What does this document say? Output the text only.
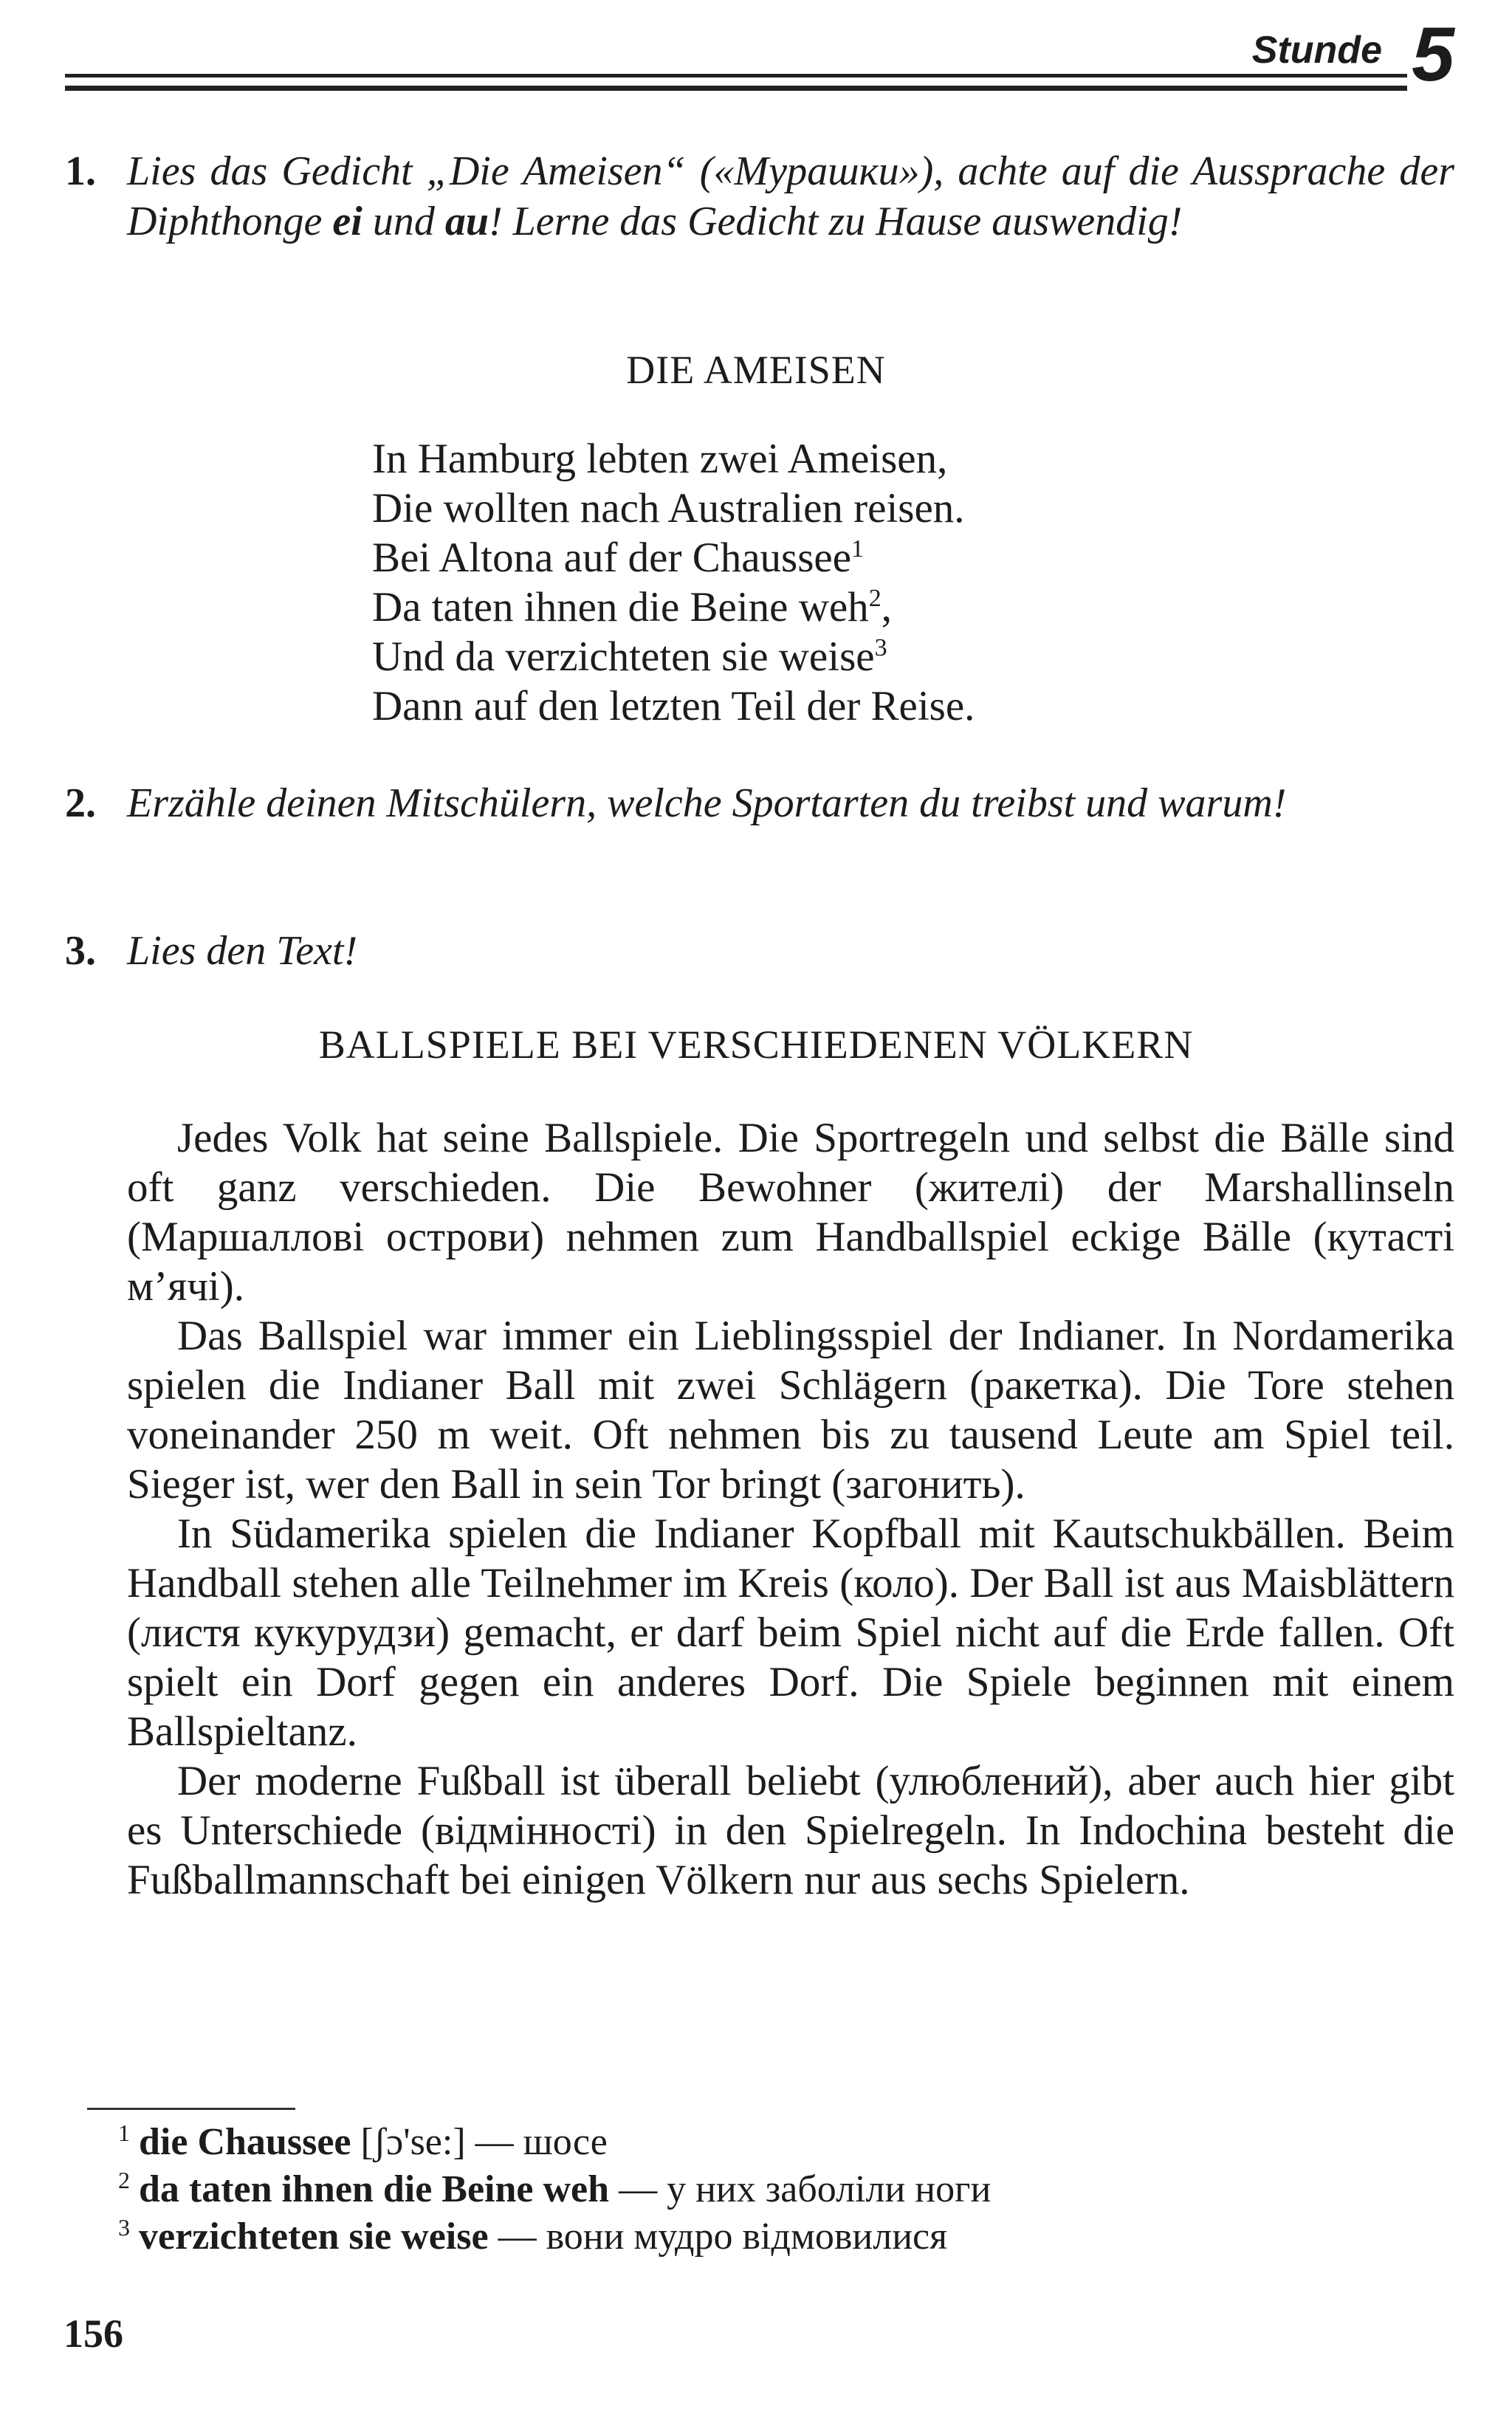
Stunde 5
1. Lies das Gedicht „Die Ameisen“ («Мурашки»), achte auf die Aussprache der Diphthonge ei und au! Lerne das Gedicht zu Hause auswendig!
DIE AMEISEN
In Hamburg lebten zwei Ameisen,
Die wollten nach Australien reisen.
Bei Altona auf der Chaussee$^1$
Da taten ihnen die Beine weh$^2$,
Und da verzichteten sie weise$^3$
Dann auf den letzten Teil der Reise.
2. Erzähle deinen Mitschülern, welche Sportarten du treibst und warum!
3. Lies den Text!
BALLSPIELE BEI VERSCHIEDENEN VÖLKERN
Jedes Volk hat seine Ballspiele. Die Sportregeln und selbst die Bälle sind oft ganz verschieden. Die Bewohner (жителі) der Marshallinseln (Маршаллові острови) nehmen zum Handballspiel eckige Bälle (кутасті м’ячі).
Das Ballspiel war immer ein Lieblingsspiel der Indianer. In Nordamerika spielen die Indianer Ball mit zwei Schlägern (ракетка). Die Tore stehen voneinander 250 m weit. Oft nehmen bis zu tausend Leute am Spiel teil. Sieger ist, wer den Ball in sein Tor bringt (загонить).
In Südamerika spielen die Indianer Kopfball mit Kautschukbällen. Beim Handball stehen alle Teilnehmer im Kreis (коло). Der Ball ist aus Maisblättern (листя кукурудзи) gemacht, er darf beim Spiel nicht auf die Erde fallen. Oft spielt ein Dorf gegen ein anderes Dorf. Die Spiele beginnen mit einem Ballspieltanz.
Der moderne Fußball ist überall beliebt (улюблений), aber auch hier gibt es Unterschiede (відмінності) in den Spielregeln. In Indochina besteht die Fußballmannschaft bei einigen Völkern nur aus sechs Spielern.
$^1$ die Chaussee [ʃɔ'se:] — шосе
$^2$ da taten ihnen die Beine weh — у них заболіли ноги
$^3$ verzichteten sie weise — вони мудро відмовилися
156
